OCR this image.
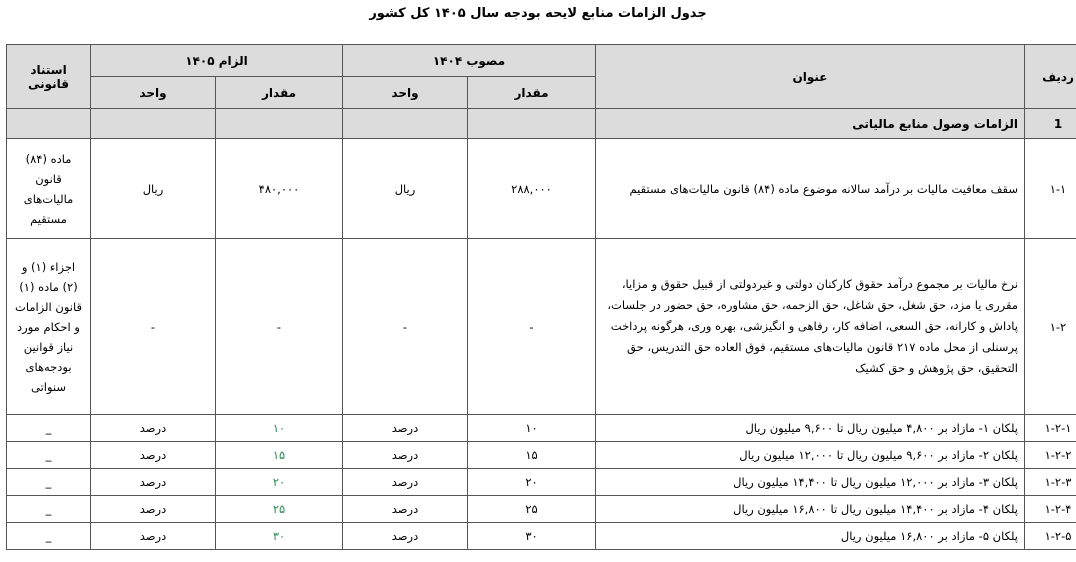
جدول الزامات منابع لایحه بودجه سال ۱۴۰۵ کل کشور
ردیف	عنوان	مصوب ۱۴۰۴		الزام ۱۴۰۵		استناد قانونی
		مقدار	واحد	مقدار	واحد	
1	الزامات وصول منابع مالیاتی					
۱-۱	سقف معافیت مالیات بر درآمد سالانه موضوع ماده (۸۴) قانون مالیات‌های مستقیم	۲۸۸,۰۰۰	ریال	۴۸۰,۰۰۰	ریال	ماده (۸۴) قانون مالیات‌های مستقیم
۱-۲	نرخ مالیات بر مجموع درآمد حقوق کارکنان دولتی و غیردولتی از قبیل حقوق و مزایا، مقرری یا مزد، حق شغل، حق شاغل، حق الزحمه، حق مشاوره، حق حضور در جلسات، پاداش و کارانه، حق السعی، اضافه کار، رفاهی و انگیزشی، بهره وری، هرگونه پرداخت پرسنلی از محل ماده ۲۱۷ قانون مالیات‌های مستقیم، فوق العاده حق التدریس، حق التحقیق، حق پژوهش و حق کشیک	-	-	-	-	اجزاء (۱) و (۲) ماده (۱) قانون الزامات و احکام مورد نیاز قوانین بودجه‌های سنواتی
۱-۲-۱	پلکان ۱- مازاد بر ۴,۸۰۰ میلیون ریال تا ۹,۶۰۰ میلیون ریال	۱۰	درصد	۱۰	درصد	_
۱-۲-۲	پلکان ۲- مازاد بر ۹,۶۰۰ میلیون ریال تا ۱۲,۰۰۰ میلیون ریال	۱۵	درصد	۱۵	درصد	_
۱-۲-۳	پلکان ۳- مازاد بر ۱۲,۰۰۰ میلیون ریال تا ۱۴,۴۰۰ میلیون ریال	۲۰	درصد	۲۰	درصد	_
۱-۲-۴	پلکان ۴- مازاد بر ۱۴,۴۰۰ میلیون ریال تا ۱۶,۸۰۰ میلیون ریال	۲۵	درصد	۲۵	درصد	_
۱-۲-۵	پلکان ۵- مازاد بر ۱۶,۸۰۰ میلیون ریال	۳۰	درصد	۳۰	درصد	_
